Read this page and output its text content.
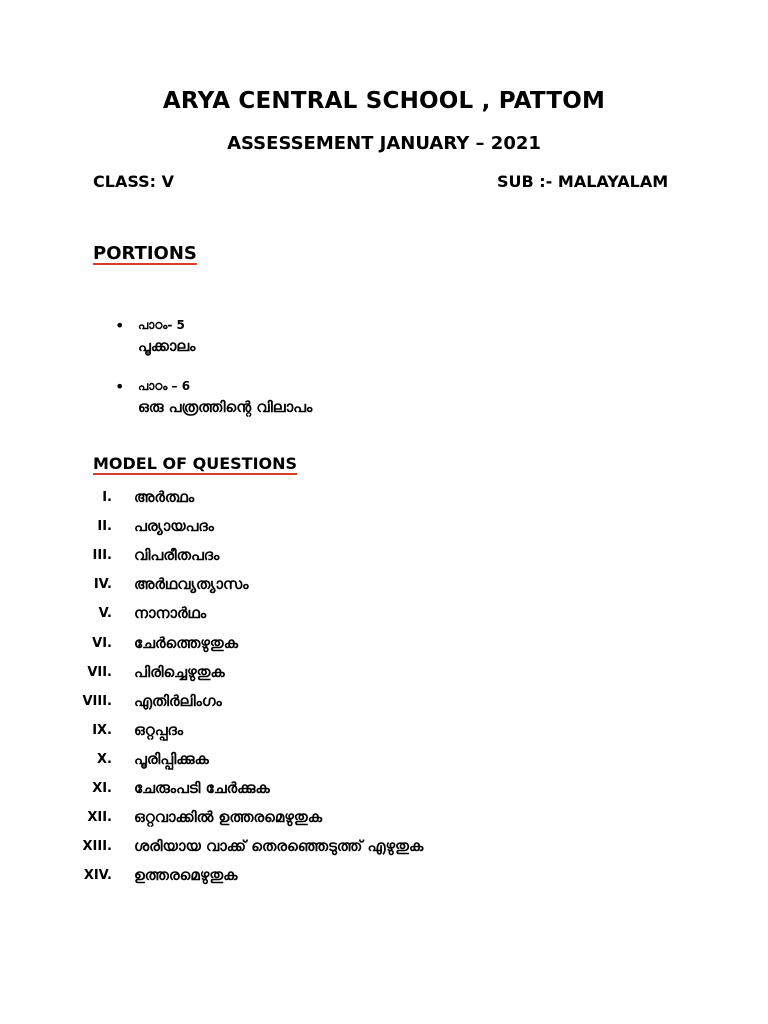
ARYA CENTRAL SCHOOL , PATTOM
ASSESSEMENT JANUARY – 2021
CLASS: V	SUB :- MALAYALAM
PORTIONS
• പാഠം- 5
പൂക്കാലം
• പാഠം – 6
ഒരു പത്രത്തിന്റെ വിലാപം
MODEL OF QUESTIONS
I. അർത്ഥം
II. പര്യായപദം
III. വിപരീതപദം
IV. അർഥവ്യത്യാസം
V. നാനാർഥം
VI. ചേർത്തെഴുതുക
VII. പിരിച്ചെഴുതുക
VIII. എതിർലിംഗം
IX. ഒറ്റപ്പദം
X. പൂരിപ്പിക്കുക
XI. ചേരുംപടി ചേർക്കുക
XII. ഒറ്റവാക്കിൽ ഉത്തരമെഴുതുക
XIII. ശരിയായ വാക്ക് തെരഞ്ഞെടുത്ത് എഴുതുക
XIV. ഉത്തരമെഴുതുക
